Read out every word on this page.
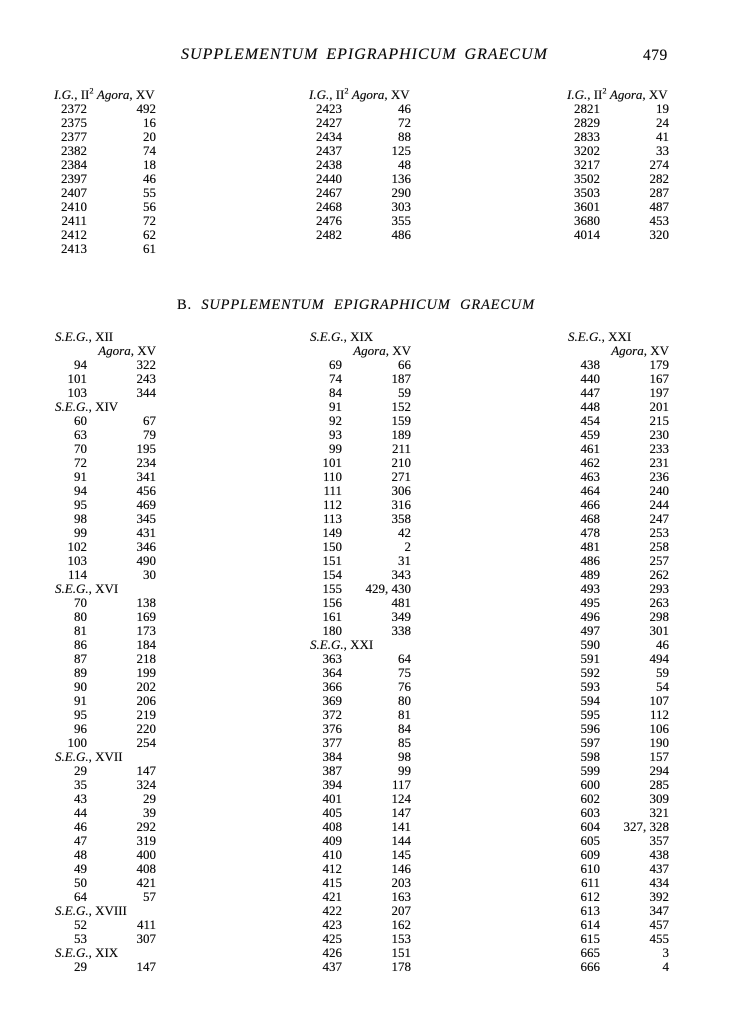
SUPPLEMENTUM EPIGRAPHICUM GRAECUM	479
I.G., $II^2$ Agora, XV
2372	492
2375	16
2377	20
2382	74
2384	18
2397	46
2407	55
2410	56
2411	72
2412	62
2413	61
I.G., $II^2$ Agora, XV
2423	46
2427	72
2434	88
2437	125
2438	48
2440	136
2467	290
2468	303
2476	355
2482	486
I.G., $II^2$ Agora, XV
2821	19
2829	24
2833	41
3202	33
3217	274
3502	282
3503	287
3601	487
3680	453
4014	320
B. SUPPLEMENTUM EPIGRAPHICUM GRAECUM
S.E.G., XII
Agora, XV
94	322
101	243
103	344
S.E.G., XIV
60	67
63	79
70	195
72	234
91	341
94	456
95	469
98	345
99	431
102	346
103	490
114	30
S.E.G., XVI
70	138
80	169
81	173
86	184
87	218
89	199
90	202
91	206
95	219
96	220
100	254
S.E.G., XVII
29	147
35	324
43	29
44	39
46	292
47	319
48	400
49	408
50	421
64	57
S.E.G., XVIII
52	411
53	307
S.E.G., XIX
29	147
S.E.G., XIX
Agora, XV
69	66
74	187
84	59
91	152
92	159
93	189
99	211
101	210
110	271
111	306
112	316
113	358
149	42
150	2
151	31
154	343
155	429, 430
156	481
161	349
180	338
S.E.G., XXI
363	64
364	75
366	76
369	80
372	81
376	84
377	85
384	98
387	99
394	117
401	124
405	147
408	141
409	144
410	145
412	146
415	203
421	163
422	207
423	162
425	153
426	151
437	178
S.E.G., XXI
Agora, XV
438	179
440	167
447	197
448	201
454	215
459	230
461	233
462	231
463	236
464	240
466	244
468	247
478	253
481	258
486	257
489	262
493	293
495	263
496	298
497	301
590	46
591	494
592	59
593	54
594	107
595	112
596	106
597	190
598	157
599	294
600	285
602	309
603	321
604	327, 328
605	357
609	438
610	437
611	434
612	392
613	347
614	457
615	455
665	3
666	4
